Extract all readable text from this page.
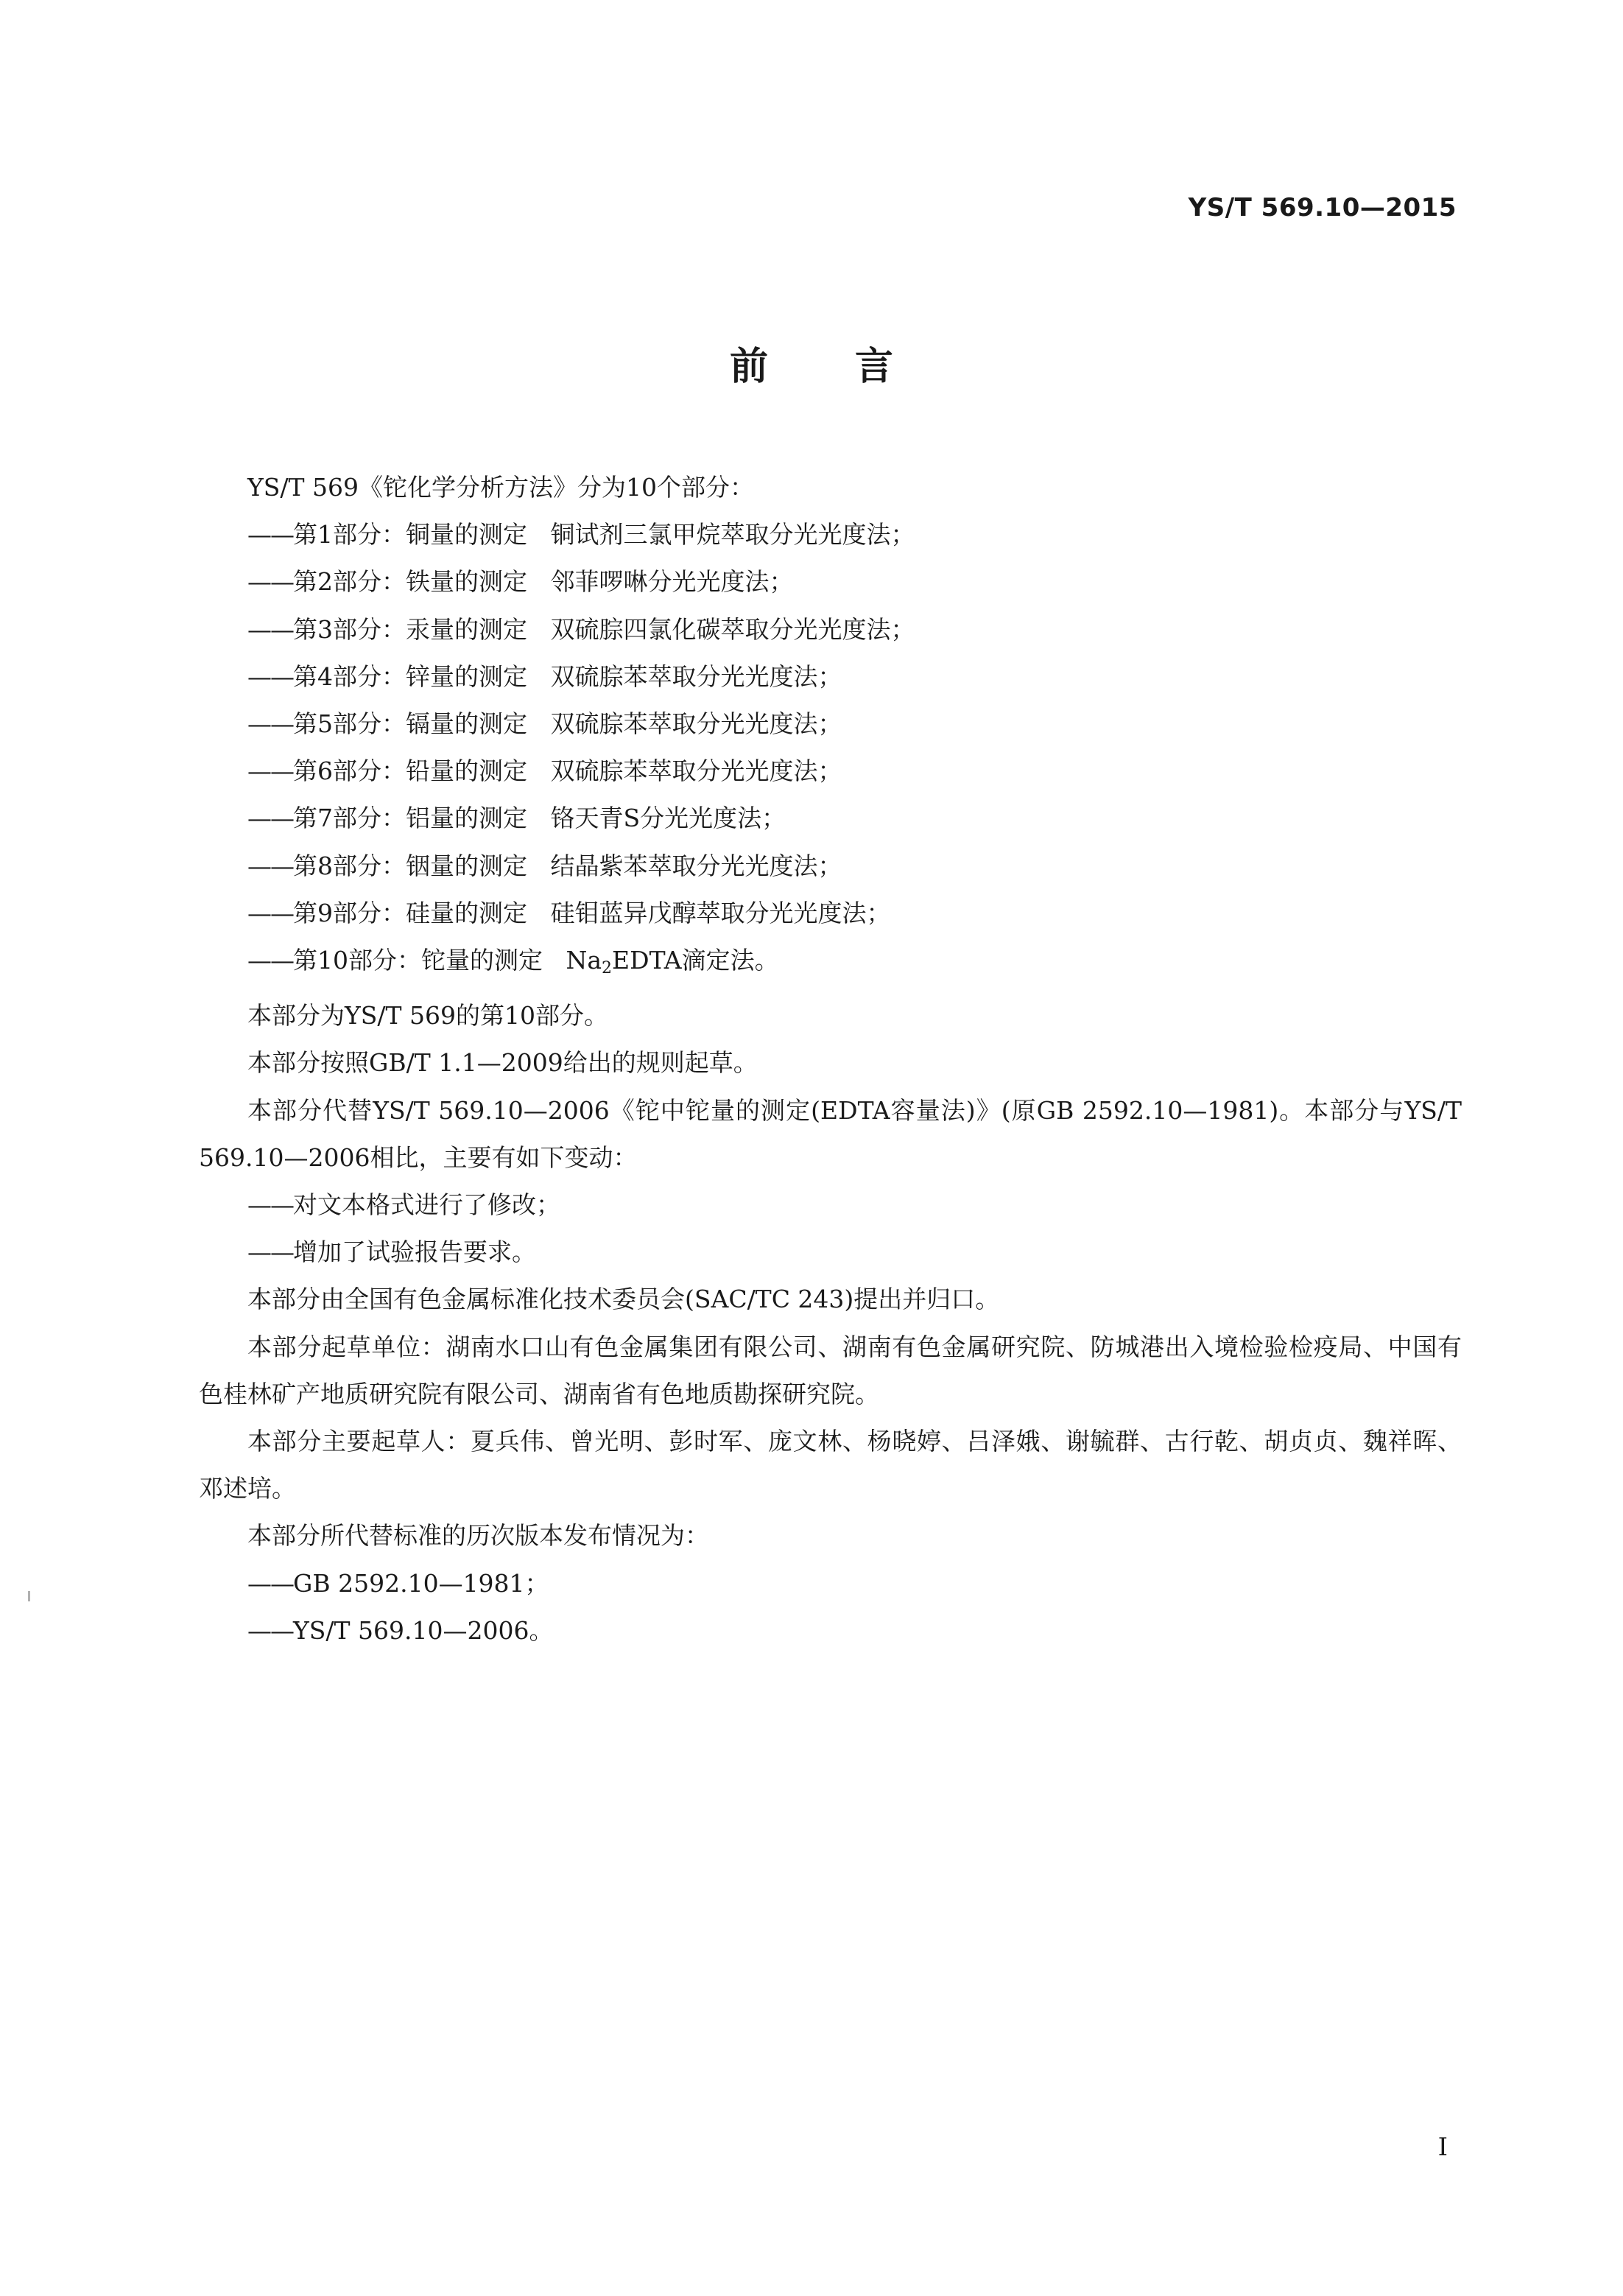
YS/T 569.10—2015
前言

YS/T 569《铊化学分析方法》分为10个部分：

——第1部分：铜量的测定 铜试剂三氯甲烷萃取分光光度法；

——第2部分：铁量的测定 邻菲啰啉分光光度法；

——第3部分：汞量的测定 双硫腙四氯化碳萃取分光光度法；

——第4部分：锌量的测定 双硫腙苯萃取分光光度法；

——第5部分：镉量的测定 双硫腙苯萃取分光光度法；

——第6部分：铅量的测定 双硫腙苯萃取分光光度法；

——第7部分：铝量的测定 铬天青S分光光度法；

——第8部分：铟量的测定 结晶紫苯萃取分光光度法；

——第9部分：硅量的测定 硅钼蓝异戊醇萃取分光光度法；

——第10部分：铊量的测定 $Na_2EDTA$滴定法。

本部分为YS/T 569的第10部分。

本部分按照GB/T 1.1—2009给出的规则起草。

本部分代替YS/T 569.10—2006《铊中铊量的测定(EDTA容量法)》(原GB 2592.10—1981)。本部分与YS/T 569.10—2006相比，主要有如下变动：

——对文本格式进行了修改；

——增加了试验报告要求。

本部分由全国有色金属标准化技术委员会(SAC/TC 243)提出并归口。

本部分起草单位：湖南水口山有色金属集团有限公司、湖南有色金属研究院、防城港出入境检验检疫局、中国有色桂林矿产地质研究院有限公司、湖南省有色地质勘探研究院。

本部分主要起草人：夏兵伟、曾光明、彭时军、庞文林、杨晓婷、吕泽娥、谢毓群、古行乾、胡贞贞、魏祥晖、邓述培。

本部分所代替标准的历次版本发布情况为：

——GB 2592.10—1981；

——YS/T 569.10—2006。

I
